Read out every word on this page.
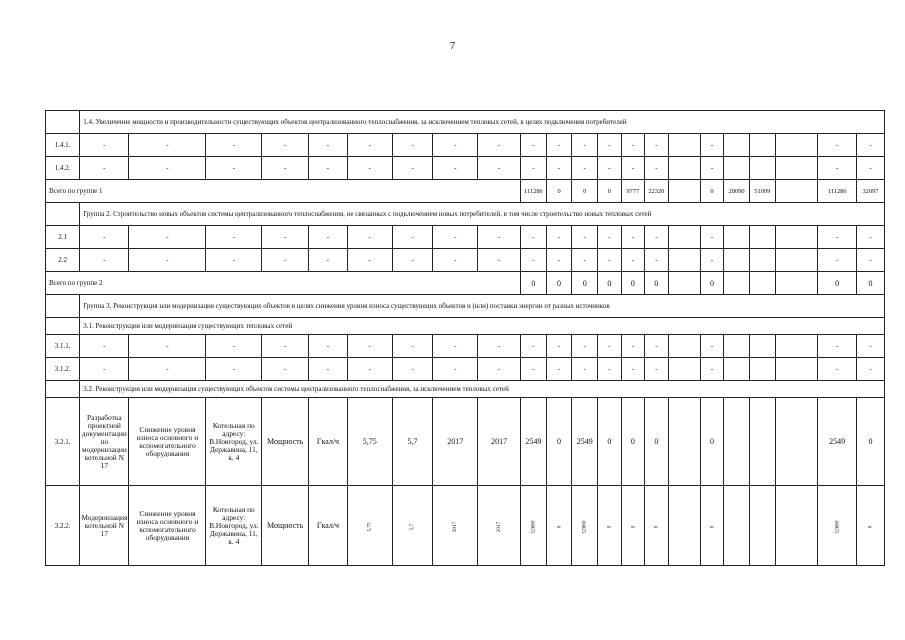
7
	1.4. Увеличение мощности и производительности существующих объектов централизованного теплоснабжения, за исключением тепловых сетей, в целях подключения потребителей																					
1.4.1.	-	-	-	-	-	-	-	-	-	-	-	-	-	-	-		-				-	-
1.4.2.	-	-	-	-	-	-	-	-	-	-	-	-	-	-	-		-				-	-
Всего по группе 1										111286	0	0	0	9777	22320		0	28090	51099		111286	32097
	Группа 2. Строительство новых объектов системы централизованного теплоснабжения, не связанных с подключением новых потребителей, в том числе строительство новых тепловых сетей																					
2.1	-	-	-	-	-	-	-	-	-	-	-	-	-	-	-		-				-	-
2.2	-	-	-	-	-	-	-	-	-	-	-	-	-	-	-		-				-	-
Всего по группе 2										0	0	0	0	0	0		0				0	0
	Группа 3. Реконструкция или модернизация существующих объектов в целях снижения уровня износа существующих объектов и (или) поставки энергии от разных источников																					
	3.1. Реконструкция или модернизация существующих тепловых сетей																					
3.1.1.	-	-	-	-	-	-	-	-	-	-	-	-	-	-	-		-				-	-
3.1.2.	-	-	-	-	-	-	-	-	-	-	-	-	-	-	-		-				-	-
	3.2. Реконструкция или модернизация существующих объектов системы централизованного теплоснабжения, за исключением тепловых сетей																					
3.2.1.	Разработка проектной документации по модернизации котельной N 17	Снижение уровня износа основного и вспомогательного оборудования	Котельная по адресу: В.Новгород, ул. Державина, 11, к. 4	Мощность	Гкал/ч	5,75	5,7	2017	2017	2549	0	2549	0	0	0		0				2549	0
3.2.2.	Модернизация котельной N 17	Снижение уровня износа основного и вспомогательного оборудования	Котельная по адресу: В.Новгород, ул. Державина, 11, к. 4	Мощность	Гкал/ч	5,75	5,7	2017	2017	52680	0	52680	0	0	0		0				52680	0
